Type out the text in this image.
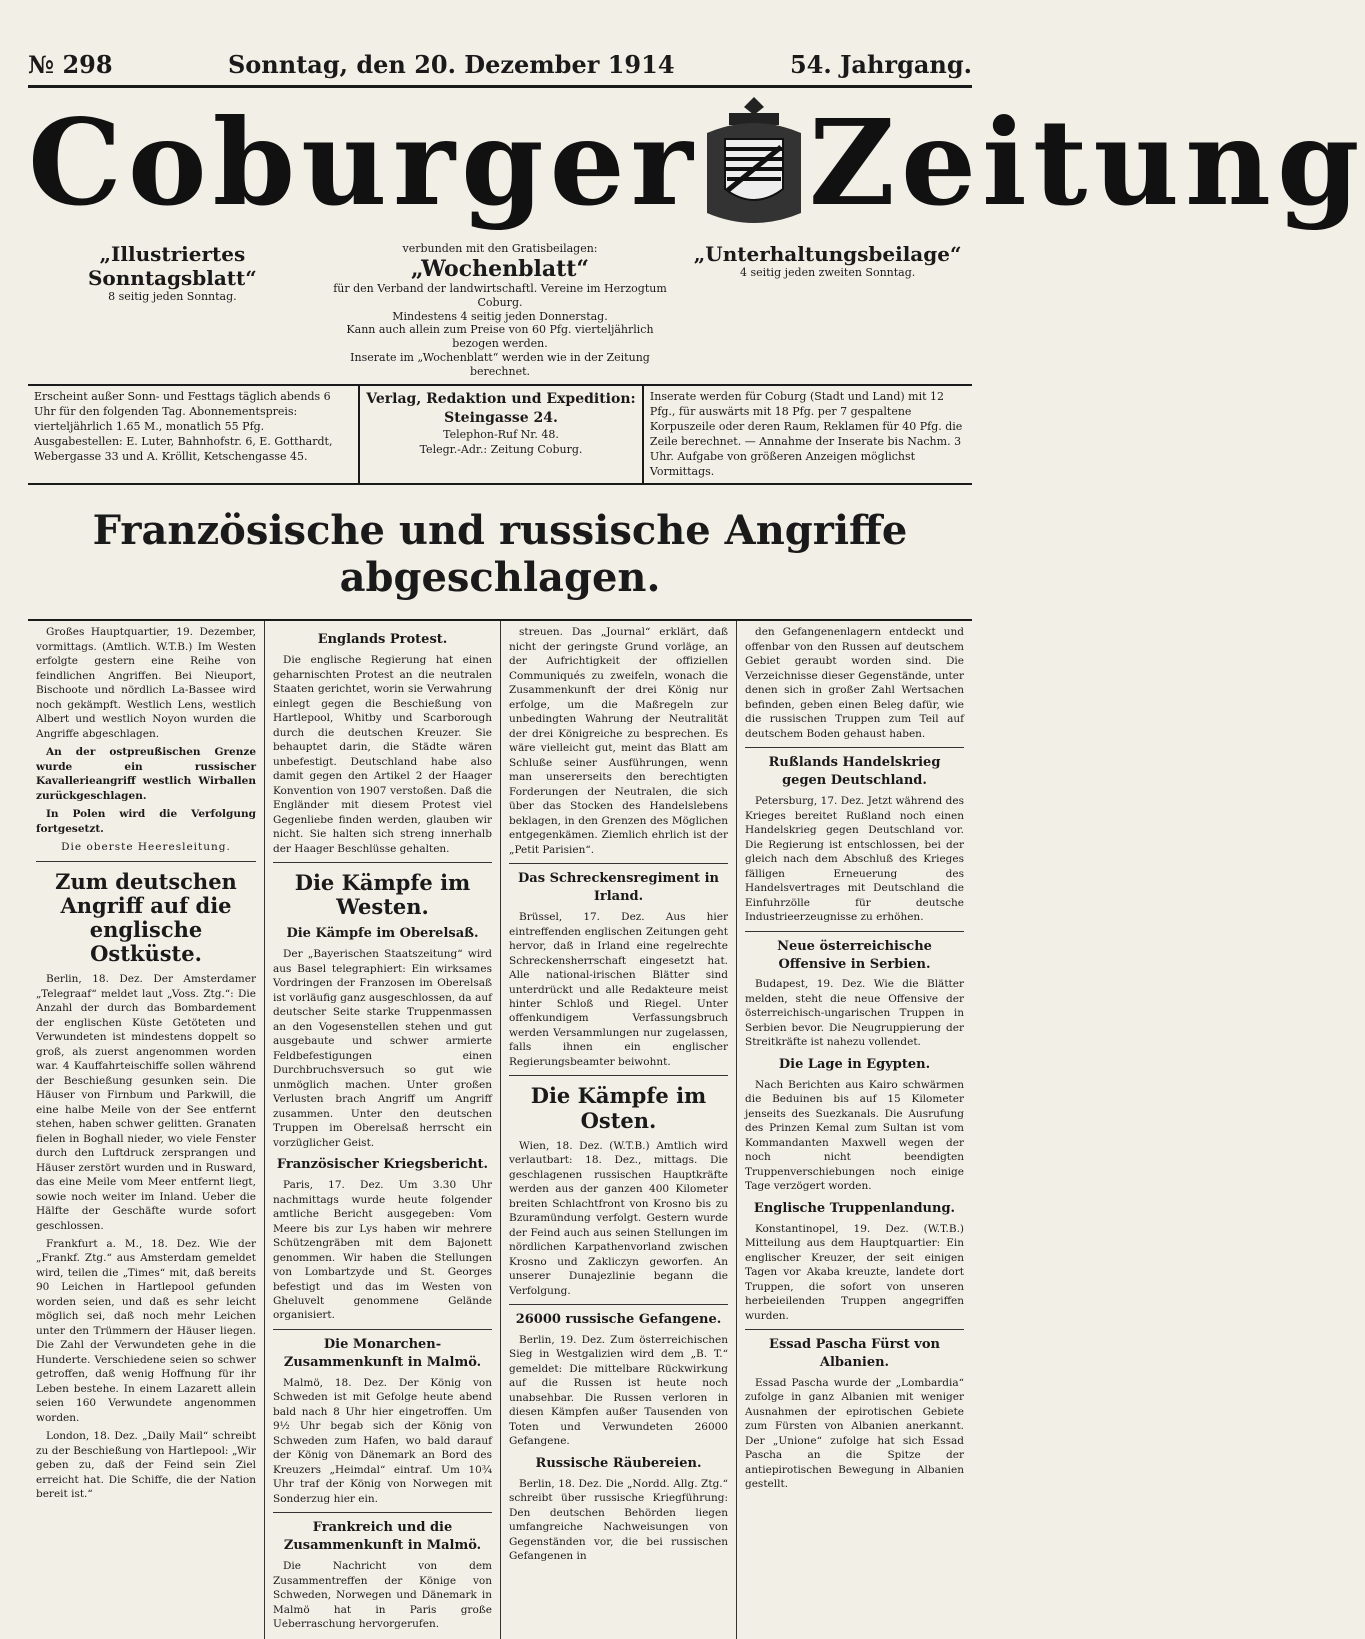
№ 298	Sonntag, den 20. Dezember 1914	54. Jahrgang.
Coburger Zeitung
„Illustriertes Sonntagsblatt“
8 seitig jeden Sonntag.
verbunden mit den Gratisbeilagen:
„Wochenblatt“
für den Verband der landwirtschaftl. Vereine im Herzogtum Coburg.
Mindestens 4 seitig jeden Donnerstag.
Kann auch allein zum Preise von 60 Pfg. vierteljährlich bezogen werden.
Inserate im „Wochenblatt“ werden wie in der Zeitung berechnet.
„Unterhaltungsbeilage“
4 seitig jeden zweiten Sonntag.
Erscheint außer Sonn- und Festtags täglich abends 6 Uhr für den folgenden Tag. Abonnementspreis: vierteljährlich 1.65 M., monatlich 55 Pfg. Ausgabestellen: E. Luter, Bahnhofstr. 6, E. Gotthardt, Webergasse 33 und A. Kröllit, Ketschengasse 45.
Verlag, Redaktion und Expedition:
Steingasse 24.
Telephon-Ruf Nr. 48.
Telegr.-Adr.: Zeitung Coburg.
Inserate werden für Coburg (Stadt und Land) mit 12 Pfg., für auswärts mit 18 Pfg. per 7 gespaltene Korpuszeile oder deren Raum, Reklamen für 40 Pfg. die Zeile berechnet. — Annahme der Inserate bis Nachm. 3 Uhr. Aufgabe von größeren Anzeigen möglichst Vormittags.
Französische und russische Angriffe abgeschlagen.

Großes Hauptquartier, 19. Dezember, vormittags. (Amtlich. W.T.B.) Im Westen erfolgte gestern eine Reihe von feindlichen Angriffen. Bei Nieuport, Bischoote und nördlich La-Bassee wird noch gekämpft. Westlich Lens, westlich Albert und westlich Noyon wurden die Angriffe abgeschlagen.

An der ostpreußischen Grenze wurde ein russischer Kavallerieangriff westlich Wirballen zurückgeschlagen.

In Polen wird die Verfolgung fortgesetzt.

Die oberste Heeresleitung.
Zum deutschen Angriff auf die englische Ostküste.

Berlin, 18. Dez. Der Amsterdamer „Telegraaf“ meldet laut „Voss. Ztg.“: Die Anzahl der durch das Bombardement der englischen Küste Getöteten und Verwundeten ist mindestens doppelt so groß, als zuerst angenommen worden war. 4 Kauffahrteischiffe sollen während der Beschießung gesunken sein. Die Häuser von Firnbum und Parkwill, die eine halbe Meile von der See entfernt stehen, haben schwer gelitten. Granaten fielen in Boghall nieder, wo viele Fenster durch den Luftdruck zersprangen und Häuser zerstört wurden und in Rusward, das eine Meile vom Meer entfernt liegt, sowie noch weiter im Inland. Ueber die Hälfte der Geschäfte wurde sofort geschlossen.

Frankfurt a. M., 18. Dez. Wie der „Frankf. Ztg.“ aus Amsterdam gemeldet wird, teilen die „Times“ mit, daß bereits 90 Leichen in Hartlepool gefunden worden seien, und daß es sehr leicht möglich sei, daß noch mehr Leichen unter den Trümmern der Häuser liegen. Die Zahl der Verwundeten gehe in die Hunderte. Verschiedene seien so schwer getroffen, daß wenig Hoffnung für ihr Leben bestehe. In einem Lazarett allein seien 160 Verwundete angenommen worden.

London, 18. Dez. „Daily Mail“ schreibt zu der Beschießung von Hartlepool: „Wir geben zu, daß der Feind sein Ziel erreicht hat. Die Schiffe, die der Nation bereit ist.“

Englands Protest.

Die englische Regierung hat einen geharnischten Protest an die neutralen Staaten gerichtet, worin sie Verwahrung einlegt gegen die Beschießung von Hartlepool, Whitby und Scarborough durch die deutschen Kreuzer. Sie behauptet darin, die Städte wären unbefestigt. Deutschland habe also damit gegen den Artikel 2 der Haager Konvention von 1907 verstoßen. Daß die Engländer mit diesem Protest viel Gegenliebe finden werden, glauben wir nicht. Sie halten sich streng innerhalb der Haager Beschlüsse gehalten.

Die Kämpfe im Westen.
Die Kämpfe im Oberelsaß.

Der „Bayerischen Staatszeitung“ wird aus Basel telegraphiert: Ein wirksames Vordringen der Franzosen im Oberelsaß ist vorläufig ganz ausgeschlossen, da auf deutscher Seite starke Truppenmassen an den Vogesenstellen stehen und gut ausgebaute und schwer armierte Feldbefestigungen einen Durchbruchsversuch so gut wie unmöglich machen. Unter großen Verlusten brach Angriff um Angriff zusammen. Unter den deutschen Truppen im Oberelsaß herrscht ein vorzüglicher Geist.

Französischer Kriegsbericht.

Paris, 17. Dez. Um 3.30 Uhr nachmittags wurde heute folgender amtliche Bericht ausgegeben: Vom Meere bis zur Lys haben wir mehrere Schützengräben mit dem Bajonett genommen. Wir haben die Stellungen von Lombartzyde und St. Georges befestigt und das im Westen von Gheluvelt genommene Gelände organisiert.

Die Monarchen-Zusammenkunft in Malmö.

Malmö, 18. Dez. Der König von Schweden ist mit Gefolge heute abend bald nach 8 Uhr hier eingetroffen. Um 9½ Uhr begab sich der König von Schweden zum Hafen, wo bald darauf der König von Dänemark an Bord des Kreuzers „Heimdal“ eintraf. Um 10¾ Uhr traf der König von Norwegen mit Sonderzug hier ein.

Frankreich und die Zusammenkunft in Malmö.

Die Nachricht von dem Zusammentreffen der Könige von Schweden, Norwegen und Dänemark in Malmö hat in Paris große Ueberraschung hervorgerufen.

streuen. Das „Journal“ erklärt, daß nicht der geringste Grund vorläge, an der Aufrichtigkeit der offiziellen Communiqués zu zweifeln, wonach die Zusammenkunft der drei König nur erfolge, um die Maßregeln zur unbedingten Wahrung der Neutralität der drei Königreiche zu besprechen. Es wäre vielleicht gut, meint das Blatt am Schluße seiner Ausführungen, wenn man unsererseits den berechtigten Forderungen der Neutralen, die sich über das Stocken des Handelslebens beklagen, in den Grenzen des Möglichen entgegenkämen. Ziemlich ehrlich ist der „Petit Parisien“.

Das Schreckensregiment in Irland.

Brüssel, 17. Dez. Aus hier eintreffenden englischen Zeitungen geht hervor, daß in Irland eine regelrechte Schreckensherrschaft eingesetzt hat. Alle national-irischen Blätter sind unterdrückt und alle Redakteure meist hinter Schloß und Riegel. Unter offenkundigem Verfassungsbruch werden Versammlungen nur zugelassen, falls ihnen ein englischer Regierungsbeamter beiwohnt.

Die Kämpfe im Osten.

Wien, 18. Dez. (W.T.B.) Amtlich wird verlautbart: 18. Dez., mittags. Die geschlagenen russischen Hauptkräfte werden aus der ganzen 400 Kilometer breiten Schlachtfront von Krosno bis zu Bzuramündung verfolgt. Gestern wurde der Feind auch aus seinen Stellungen im nördlichen Karpathenvorland zwischen Krosno und Zakliczyn geworfen. An unserer Dunajezlinie begann die Verfolgung.

26000 russische Gefangene.

Berlin, 19. Dez. Zum österreichischen Sieg in Westgalizien wird dem „B. T.“ gemeldet: Die mittelbare Rückwirkung auf die Russen ist heute noch unabsehbar. Die Russen verloren in diesen Kämpfen außer Tausenden von Toten und Verwundeten 26000 Gefangene.

Russische Räubereien.

Berlin, 18. Dez. Die „Nordd. Allg. Ztg.“ schreibt über russische Kriegführung: Den deutschen Behörden liegen umfangreiche Nachweisungen von Gegenständen vor, die bei russischen Gefangenen in

den Gefangenenlagern entdeckt und offenbar von den Russen auf deutschem Gebiet geraubt worden sind. Die Verzeichnisse dieser Gegenstände, unter denen sich in großer Zahl Wertsachen befinden, geben einen Beleg dafür, wie die russischen Truppen zum Teil auf deutschem Boden gehaust haben.

Rußlands Handelskrieg gegen Deutschland.

Petersburg, 17. Dez. Jetzt während des Krieges bereitet Rußland noch einen Handelskrieg gegen Deutschland vor. Die Regierung ist entschlossen, bei der gleich nach dem Abschluß des Krieges fälligen Erneuerung des Handelsvertrages mit Deutschland die Einfuhrzölle für deutsche Industrieerzeugnisse zu erhöhen.

Neue österreichische Offensive in Serbien.

Budapest, 19. Dez. Wie die Blätter melden, steht die neue Offensive der österreichisch-ungarischen Truppen in Serbien bevor. Die Neugruppierung der Streitkräfte ist nahezu vollendet.

Die Lage in Egypten.

Nach Berichten aus Kairo schwärmen die Beduinen bis auf 15 Kilometer jenseits des Suezkanals. Die Ausrufung des Prinzen Kemal zum Sultan ist vom Kommandanten Maxwell wegen der noch nicht beendigten Truppenverschiebungen noch einige Tage verzögert worden.

Englische Truppenlandung.

Konstantinopel, 19. Dez. (W.T.B.) Mitteilung aus dem Hauptquartier: Ein englischer Kreuzer, der seit einigen Tagen vor Akaba kreuzte, landete dort Truppen, die sofort von unseren herbeieilenden Truppen angegriffen wurden.

Essad Pascha Fürst von Albanien.

Essad Pascha wurde der „Lombardia“ zufolge in ganz Albanien mit weniger Ausnahmen der epirotischen Gebiete zum Fürsten von Albanien anerkannt. Der „Unione“ zufolge hat sich Essad Pascha an die Spitze der antiepirotischen Bewegung in Albanien gestellt.
